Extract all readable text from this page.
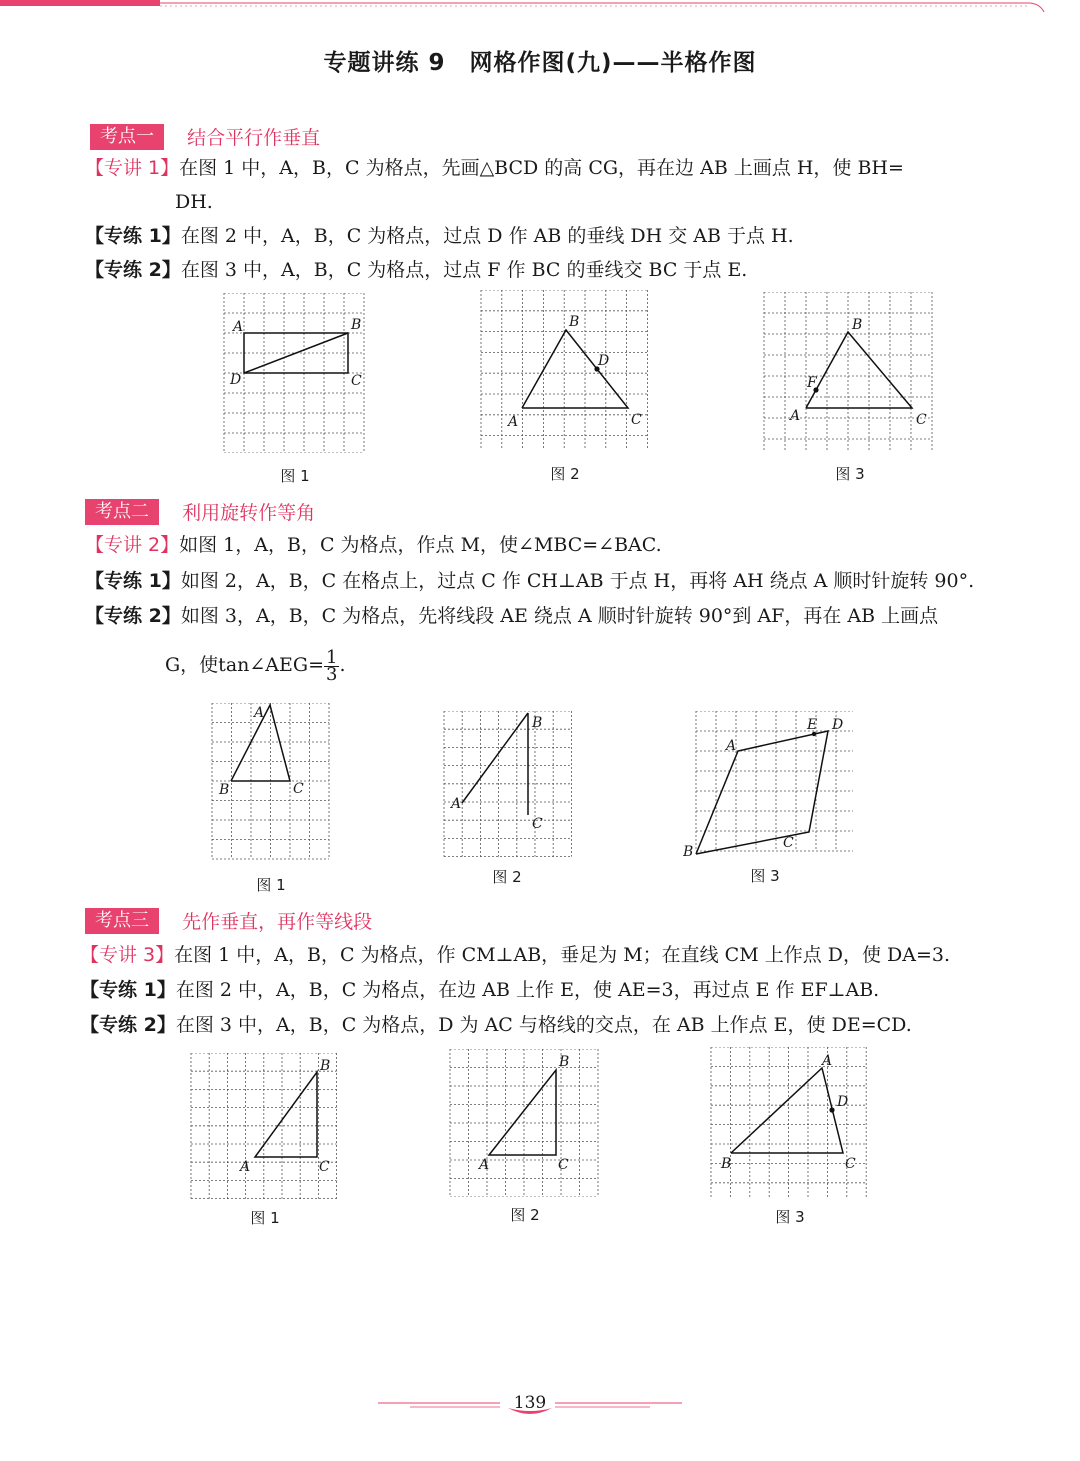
专题讲练 9　网格作图(九)——半格作图
考点一 结合平行作垂直
【专讲 1】在图 1 中，A，B，C 为格点，先画△BCD 的高 CG，再在边 AB 上画点 H，使 BH=
DH.
【专练 1】在图 2 中，A，B，C 为格点，过点 D 作 AB 的垂线 DH 交 AB 于点 H.
【专练 2】在图 3 中，A，B，C 为格点，过点 F 作 BC 的垂线交 BC 于点 E.
A	B
D	C
图 1
B
D
A	C
图 2
B
F
A	C
图 3
考点二 利用旋转作等角
【专讲 2】如图 1，A，B，C 为格点，作点 M，使∠MBC=∠BAC.
【专练 1】如图 2，A，B，C 在格点上，过点 C 作 CH⊥AB 于点 H，再将 AH 绕点 A 顺时针旋转 90°.
【专练 2】如图 3，A，B，C 为格点，先将线段 AE 绕点 A 顺时针旋转 90°到 AF，再在 AB 上画点
G，使tan∠AEG= $\frac{1}{3}$ .
A
B	C
图 1
B
A
C
图 2
E D
A
B
C
图 3
考点三 先作垂直，再作等线段
【专讲 3】在图 1 中，A，B，C 为格点，作 CM⊥AB，垂足为 M；在直线 CM 上作点 D，使 DA=3.
【专练 1】在图 2 中，A，B，C 为格点，在边 AB 上作 E，使 AE=3，再过点 E 作 EF⊥AB.
【专练 2】在图 3 中，A，B，C 为格点，D 为 AC 与格线的交点，在 AB 上作点 E，使 DE=CD.
B
A	C
图 1
B
A	C
图 2
A
D
B	C
图 3
139
